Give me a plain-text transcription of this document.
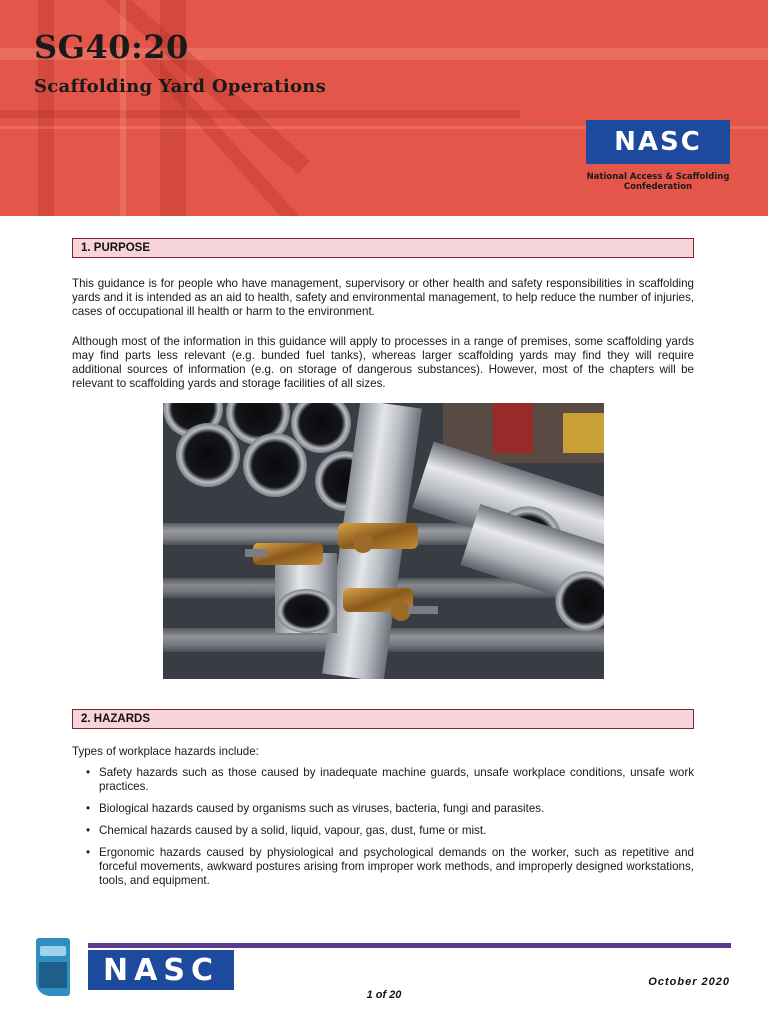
SG40:20
Scaffolding Yard Operations
NASC
National Access & Scaffolding Confederation
1. PURPOSE

This guidance is for people who have management, supervisory or other health and safety responsibilities in scaffolding yards and it is intended as an aid to health, safety and environmental management, to help reduce the number of injuries, cases of occupational ill health or harm to the environment.

Although most of the information in this guidance will apply to processes in a range of premises, some scaffolding yards may find parts less relevant (e.g. bunded fuel tanks), whereas larger scaffolding yards may find they will require additional sources of information (e.g. on storage of dangerous substances). However, most of the chapters will be relevant to scaffolding yards and storage facilities of all sizes.

2. HAZARDS

Types of workplace hazards include:

• Safety hazards such as those caused by inadequate machine guards, unsafe workplace conditions, unsafe work practices.
• Biological hazards caused by organisms such as viruses, bacteria, fungi and parasites.
• Chemical hazards caused by a solid, liquid, vapour, gas, dust, fume or mist.
• Ergonomic hazards caused by physiological and psychological demands on the worker, such as repetitive and forceful movements, awkward postures arising from improper work methods, and improperly designed workstations, tools, and equipment.
NASC	October 2020
1 of 20
